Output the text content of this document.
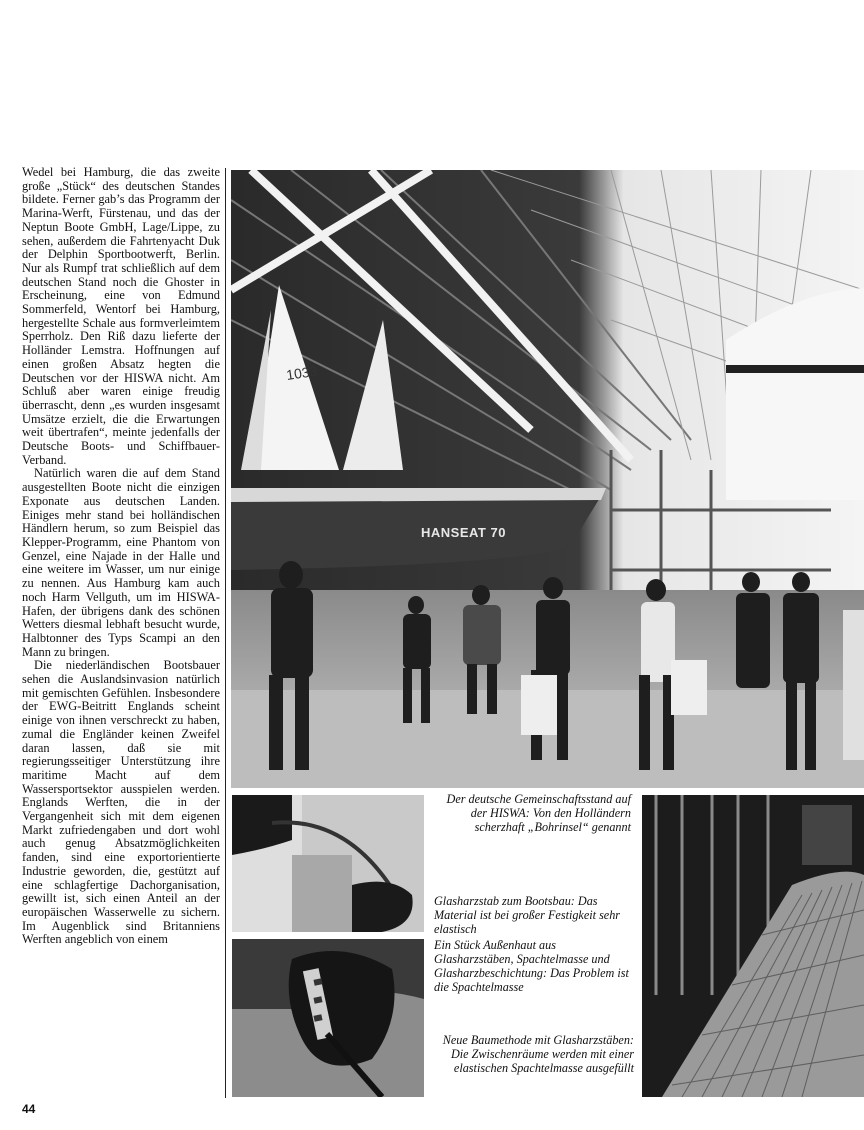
Wedel bei Hamburg, die das zweite große „Stück“ des deutschen Standes bildete. Ferner gab’s das Programm der Marina-Werft, Fürstenau, und das der Neptun Boote GmbH, Lage/Lippe, zu sehen, außerdem die Fahrtenyacht Duk der Delphin Sportbootwerft, Berlin. Nur als Rumpf trat schließlich auf dem deutschen Stand noch die Ghoster in Erscheinung, eine von Edmund Sommerfeld, Wentorf bei Hamburg, hergestellte Schale aus formverleimtem Sperrholz. Den Riß dazu lieferte der Holländer Lemstra. Hoffnungen auf einen großen Absatz hegten die Deutschen vor der HISWA nicht. Am Schluß aber waren einige freudig überrascht, denn „es wurden insgesamt Umsätze erzielt, die die Erwartungen weit übertrafen“, meinte jedenfalls der Deutsche Boots- und Schiffbauer-Verband.

Natürlich waren die auf dem Stand ausgestellten Boote nicht die einzigen Exponate aus deutschen Landen. Einiges mehr stand bei holländischen Händlern herum, so zum Beispiel das Klepper-Programm, eine Phantom von Genzel, eine Najade in der Halle und eine weitere im Wasser, um nur einige zu nennen. Aus Hamburg kam auch noch Harm Vellguth, um im HISWA-Hafen, der übrigens dank des schönen Wetters diesmal lebhaft besucht wurde, Halbtonner des Typs Scampi an den Mann zu bringen.

Die niederländischen Bootsbauer sehen die Auslandsinvasion natürlich mit gemischten Gefühlen. Insbesondere der EWG-Beitritt Englands scheint einige von ihnen verschreckt zu haben, zumal die Engländer keinen Zweifel daran lassen, daß sie mit regierungsseitiger Unterstützung ihre maritime Macht auf dem Wassersportsektor ausspielen werden. Englands Werften, die in der Vergangenheit sich mit dem eigenen Markt zufriedengaben und dort wohl auch genug Absatzmöglichkeiten fanden, sind eine exportorientierte Industrie geworden, die, gestützt auf eine schlagfertige Dachorganisation, gewillt ist, sich einen Anteil an der europäischen Wasserwelle zu sichern. Im Augenblick sind Britanniens Werften angeblich von einem

1033
HANSEAT 70
Der deutsche Gemeinschaftsstand auf der HISWA: Von den Holländern scherzhaft „Bohrinsel“ genannt
Glasharzstab zum Bootsbau: Das Material ist bei großer Festigkeit sehr elastisch
Ein Stück Außenhaut aus Glasharzstäben, Spachtelmasse und Glasharzbeschichtung: Das Problem ist die Spachtelmasse
Neue Baumethode mit Glasharzstäben: Die Zwischenräume werden mit einer elastischen Spachtelmasse ausgefüllt
44
